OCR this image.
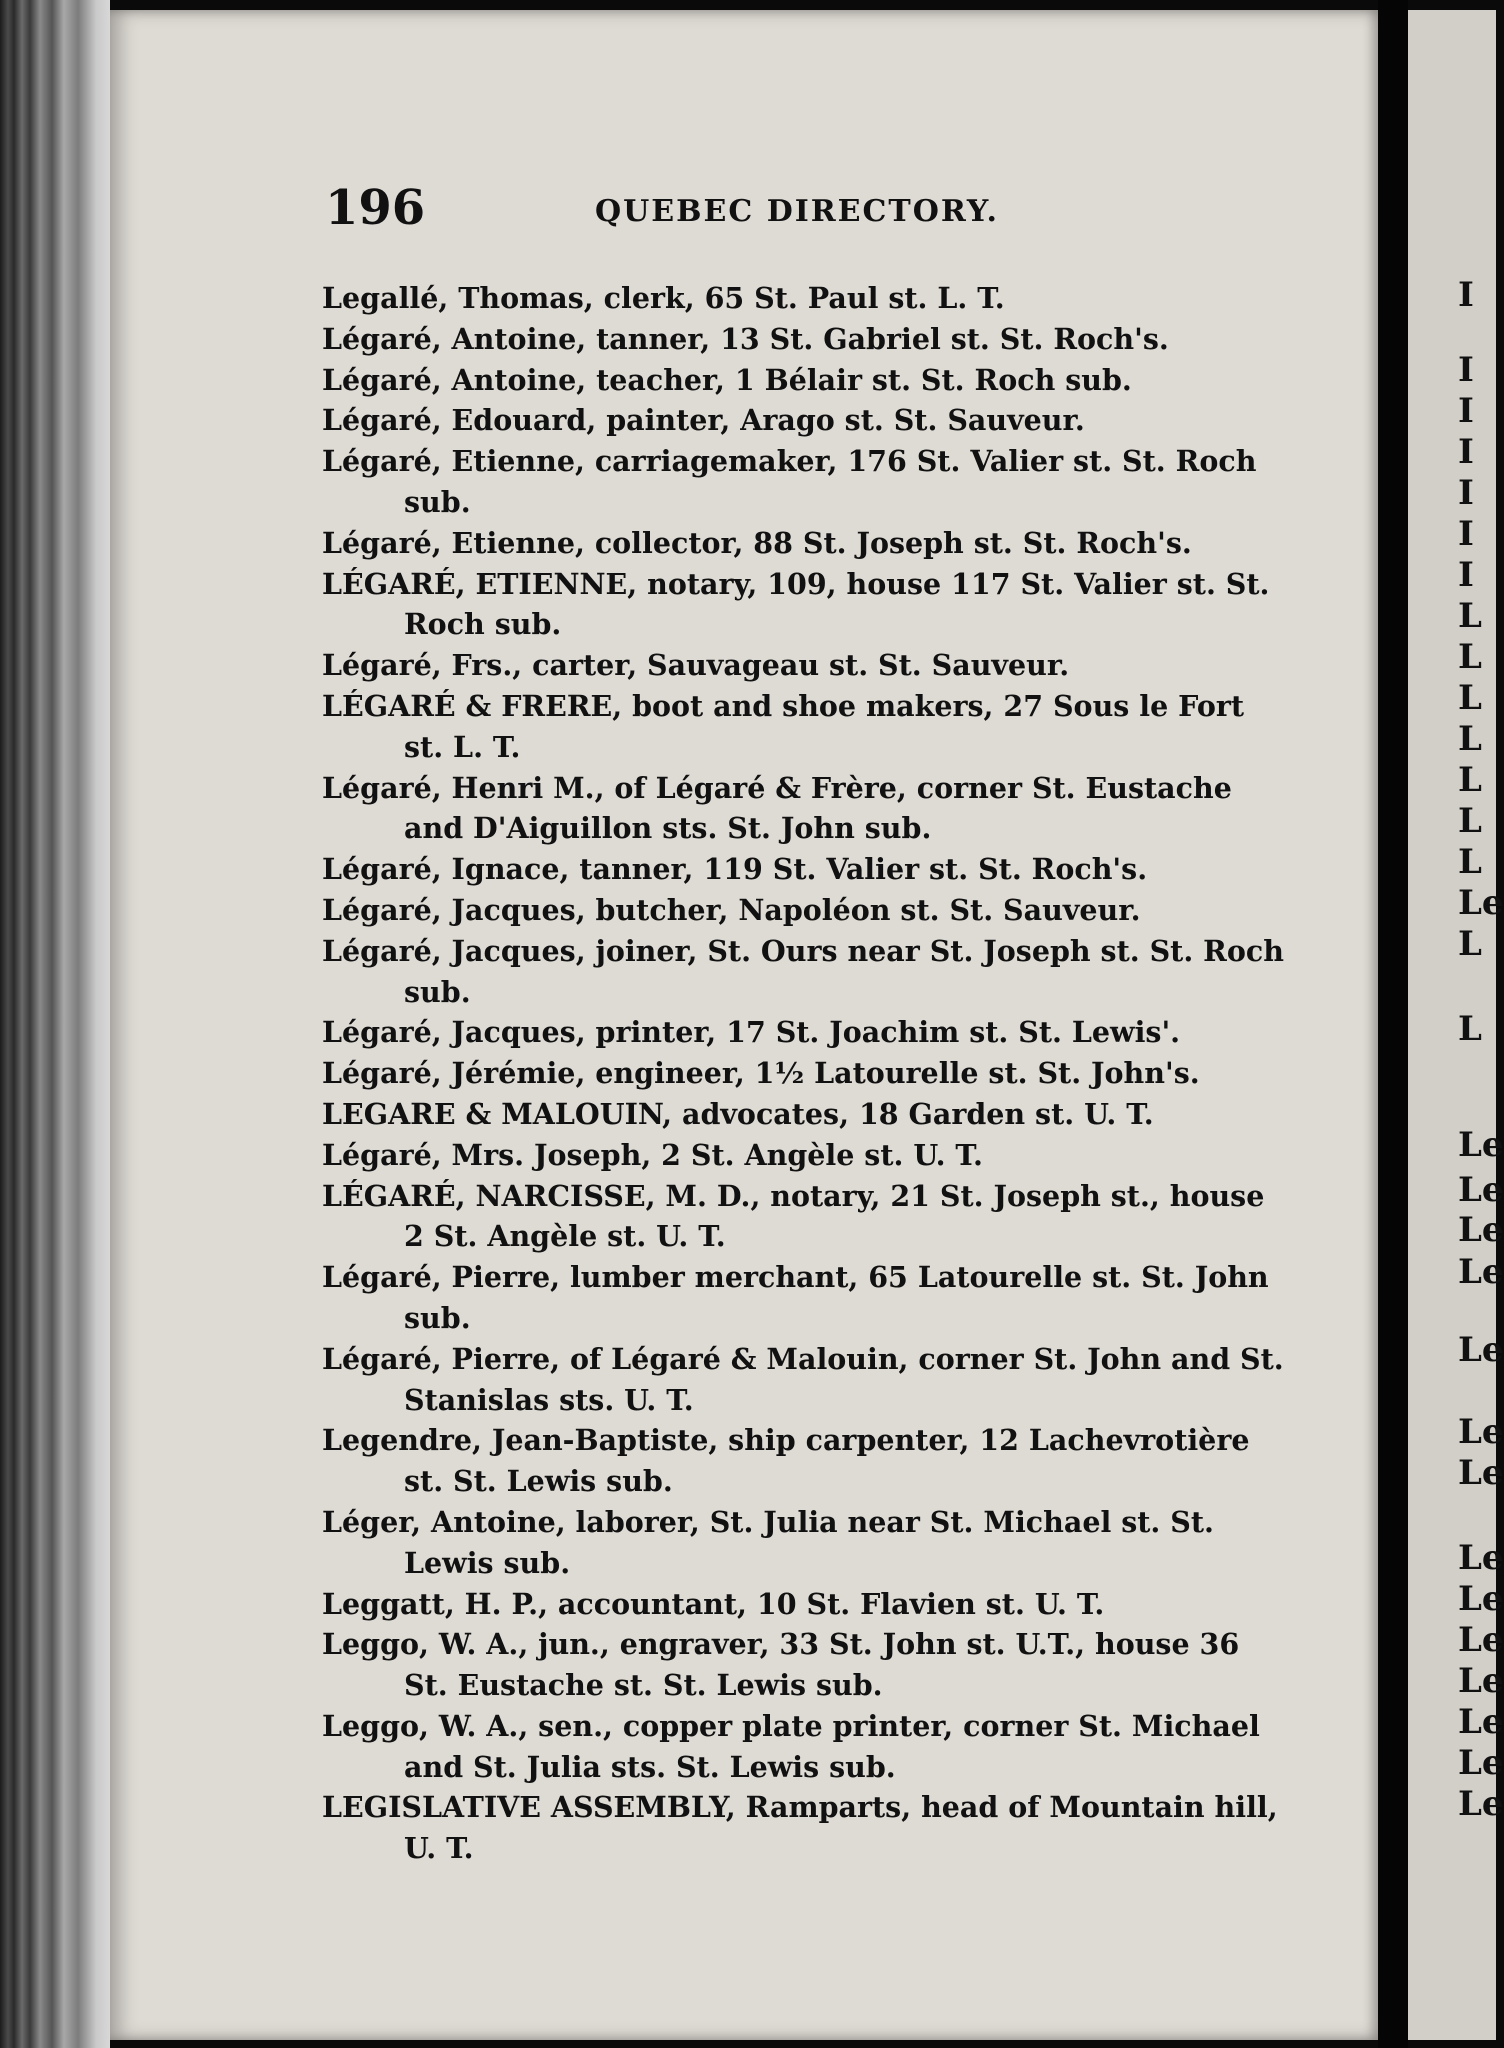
196	QUEBEC DIRECTORY.

Legallé, Thomas, clerk, 65 St. Paul st. L. T.

Légaré, Antoine, tanner, 13 St. Gabriel st. St. Roch's.

Légaré, Antoine, teacher, 1 Bélair st. St. Roch sub.

Légaré, Edouard, painter, Arago st. St. Sauveur.

Légaré, Etienne, carriagemaker, 176 St. Valier st. St. Roch sub.

Légaré, Etienne, collector, 88 St. Joseph st. St. Roch's.

LÉGARÉ, ETIENNE, notary, 109, house 117 St. Valier st. St. Roch sub.

Légaré, Frs., carter, Sauvageau st. St. Sauveur.

LÉGARÉ & FRERE, boot and shoe makers, 27 Sous le Fort st. L. T.

Légaré, Henri M., of Légaré & Frère, corner St. Eustache and D'Aiguillon sts. St. John sub.

Légaré, Ignace, tanner, 119 St. Valier st. St. Roch's.

Légaré, Jacques, butcher, Napoléon st. St. Sauveur.

Légaré, Jacques, joiner, St. Ours near St. Joseph st. St. Roch sub.

Légaré, Jacques, printer, 17 St. Joachim st. St. Lewis'.

Légaré, Jérémie, engineer, 1½ Latourelle st. St. John's.

LEGARE & MALOUIN, advocates, 18 Garden st. U. T.

Légaré, Mrs. Joseph, 2 St. Angèle st. U. T.

LÉGARÉ, NARCISSE, M. D., notary, 21 St. Joseph st., house 2 St. Angèle st. U. T.

Légaré, Pierre, lumber merchant, 65 Latourelle st. St. John sub.

Légaré, Pierre, of Légaré & Malouin, corner St. John and St. Stanislas sts. U. T.

Legendre, Jean-Baptiste, ship carpenter, 12 Lachevrotière st. St. Lewis sub.

Léger, Antoine, laborer, St. Julia near St. Michael st. St. Lewis sub.

Leggatt, H. P., accountant, 10 St. Flavien st. U. T.

Leggo, W. A., jun., engraver, 33 St. John st. U.T., house 36 St. Eustache st. St. Lewis sub.

Leggo, W. A., sen., copper plate printer, corner St. Michael and St. Julia sts. St. Lewis sub.

LEGISLATIVE ASSEMBLY, Ramparts, head of Mountain hill, U. T.

I
I
I
I
I
I
I
L
L
L
L
L
L
L
Le
L
L
Le
Le
Le
Le
Le
Le
Le
Le
Le
Le
Le
Le
Le
Le
